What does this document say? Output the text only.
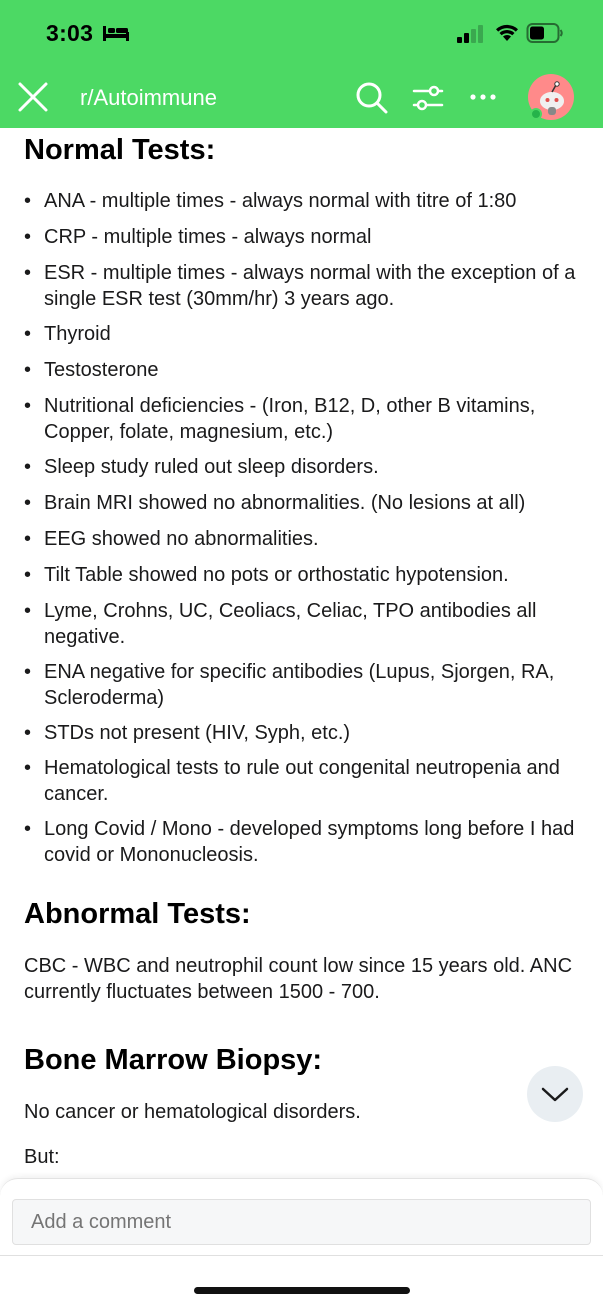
3:03
r/Autoimmune
Normal Tests:
• ANA - multiple times - always normal with titre of 1:80
• CRP - multiple times - always normal
• ESR - multiple times - always normal with the exception of a single ESR test (30mm/hr) 3 years ago.
• Thyroid
• Testosterone
• Nutritional deficiencies - (Iron, B12, D, other B vitamins, Copper, folate, magnesium, etc.)
• Sleep study ruled out sleep disorders.
• Brain MRI showed no abnormalities. (No lesions at all)
• EEG showed no abnormalities.
• Tilt Table showed no pots or orthostatic hypotension.
• Lyme, Crohns, UC, Ceoliacs, Celiac, TPO antibodies all negative.
• ENA negative for specific antibodies (Lupus, Sjorgen, RA, Scleroderma)
• STDs not present (HIV, Syph, etc.)
• Hematological tests to rule out congenital neutropenia and cancer.
• Long Covid / Mono - developed symptoms long before I had covid or Mononucleosis.
Abnormal Tests:

CBC - WBC and neutrophil count low since 15 years old. ANC currently fluctuates between 1500 - 700.

Bone Marrow Biopsy:

No cancer or hematological disorders.

But:

Add a comment
